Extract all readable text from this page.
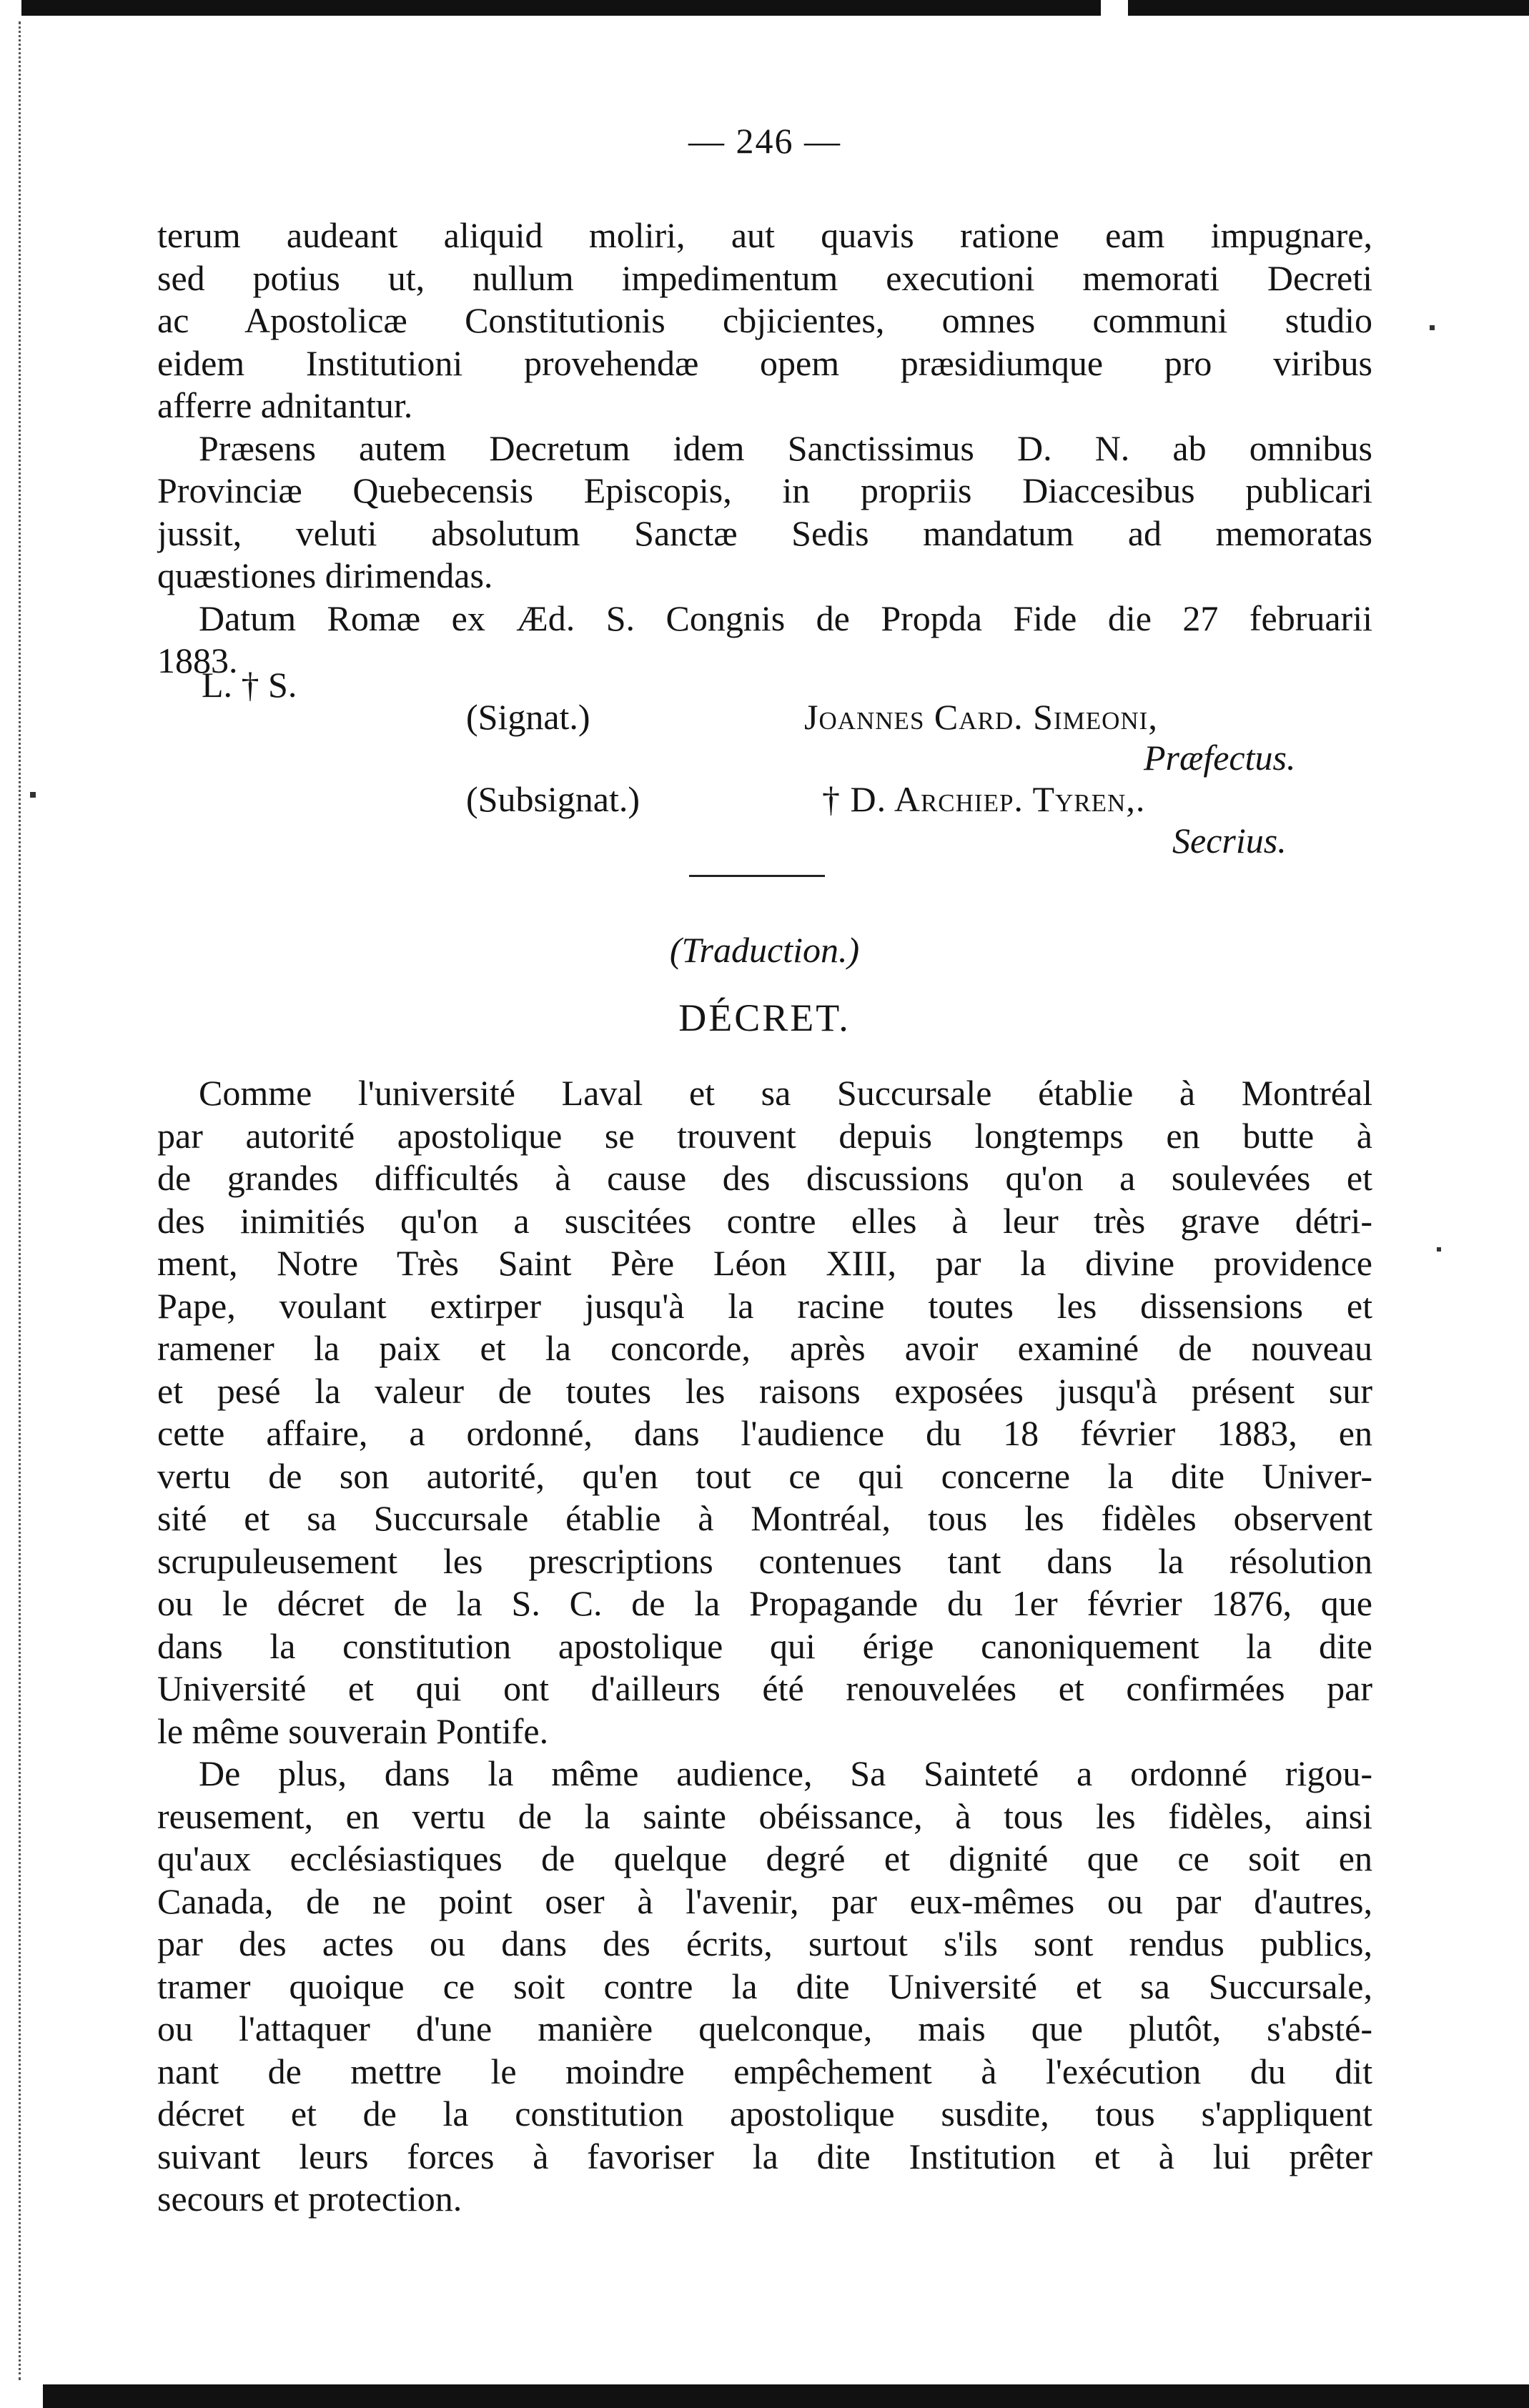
— 246 —
terum audeant aliquid moliri, aut quavis ratione eam impugnare,
sed potius ut, nullum impedimentum executioni memorati Decreti
ac Apostolicæ Constitutionis cbjicientes, omnes communi studio
eidem Institutioni provehendæ opem præsidiumque pro viribus
afferre adnitantur.
Præsens autem Decretum idem Sanctissimus D. N. ab omnibus
Provinciæ Quebecensis Episcopis, in propriis Diaccesibus publicari
jussit, veluti absolutum Sanctæ Sedis mandatum ad memoratas
quæstiones dirimendas.
Datum Romæ ex Æd. S. Congnis de Propda Fide die 27 februarii
1883.
L. † S.
(Signat.)	Joannes Card. Simeoni,
Præfectus.
(Subsignat.)	† D. Archiep. Tyren,.
Secrius.
(Traduction.)
DÉCRET.
Comme l'université Laval et sa Succursale établie à Montréal
par autorité apostolique se trouvent depuis longtemps en butte à
de grandes difficultés à cause des discussions qu'on a soulevées et
des inimitiés qu'on a suscitées contre elles à leur très grave détri-
ment, Notre Très Saint Père Léon XIII, par la divine providence
Pape, voulant extirper jusqu'à la racine toutes les dissensions et
ramener la paix et la concorde, après avoir examiné de nouveau
et pesé la valeur de toutes les raisons exposées jusqu'à présent sur
cette affaire, a ordonné, dans l'audience du 18 février 1883, en
vertu de son autorité, qu'en tout ce qui concerne la dite Univer-
sité et sa Succursale établie à Montréal, tous les fidèles observent
scrupuleusement les prescriptions contenues tant dans la résolution
ou le décret de la S. C. de la Propagande du 1er février 1876, que
dans la constitution apostolique qui érige canoniquement la dite
Université et qui ont d'ailleurs été renouvelées et confirmées par
le même souverain Pontife.
De plus, dans la même audience, Sa Sainteté a ordonné rigou-
reusement, en vertu de la sainte obéissance, à tous les fidèles, ainsi
qu'aux ecclésiastiques de quelque degré et dignité que ce soit en
Canada, de ne point oser à l'avenir, par eux-mêmes ou par d'autres,
par des actes ou dans des écrits, surtout s'ils sont rendus publics,
tramer quoique ce soit contre la dite Université et sa Succursale,
ou l'attaquer d'une manière quelconque, mais que plutôt, s'absté-
nant de mettre le moindre empêchement à l'exécution du dit
décret et de la constitution apostolique susdite, tous s'appliquent
suivant leurs forces à favoriser la dite Institution et à lui prêter
secours et protection.
